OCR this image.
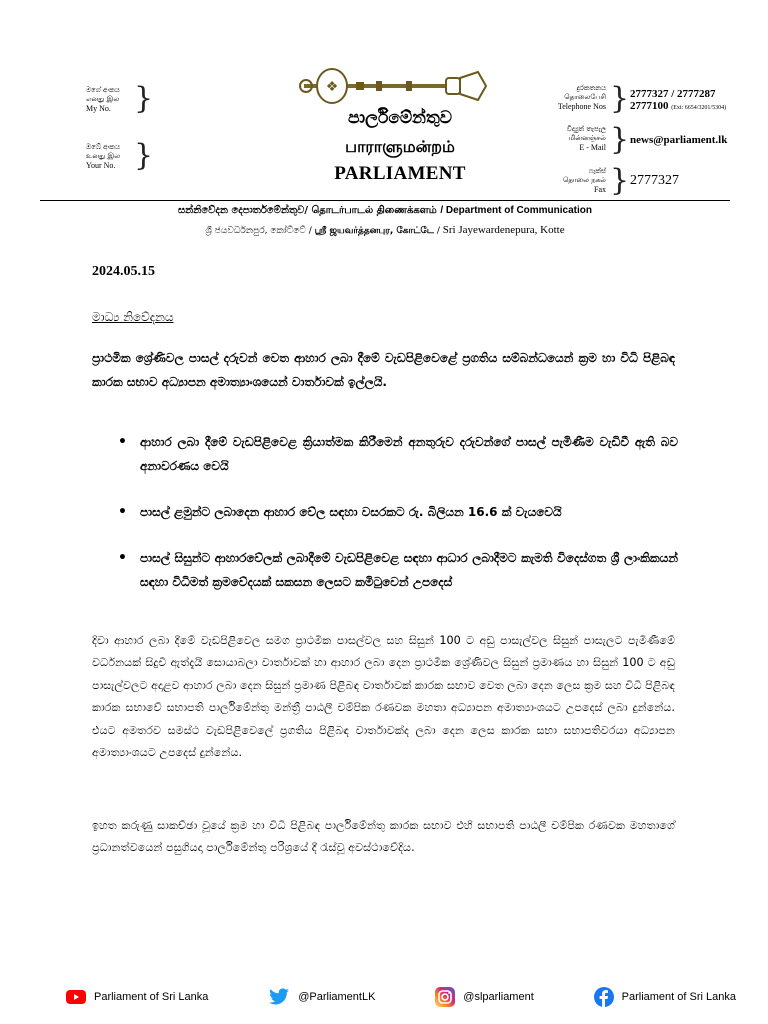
❖
පාර්ලිමේන්තුව
பாராளுமன்றம்
PARLIAMENT
මගේ අංකය
எனது இல
My No. }
ඔබේ අංකය
உனது இல
Your No. }
දුරකතනය
தொலைபேசி
Telephone Nos } 2777327 / 2777287
2777100 (Ext: 6654/3201/5304)
විද්‍යුත් තැපැල
மின்னஞ்சல்
E - Mail } news@parliament.lk
ෆැක්ස්
தொலை நகல்
Fax } 2777327
සන්නිවේදන දෙපාර්තමේන්තුව/ தொடர்பாடல் திணைக்களம் / Department of Communication
ශ්‍රී ජයවර්ධනපුර, කෝට්ටේ / ஸ்ரீ ஜயவர்த்தனபுர, கோட்டே / Sri Jayewardenepura, Kotte
2024.05.15
මාධ්‍ය නිවේදනය
ප්‍රාථමික ශ්‍රේණිවල පාසල් දරුවන් වෙත ආහාර ලබා දීමේ වැඩපිළිවෙළේ ප්‍රගතිය සම්බන්ධයෙන් ක්‍රම හා විධි පිළිබඳ කාරක සභාව අධ්‍යාපන අමාත්‍යාංශයෙන් වාර්තාවක් ඉල්ලයි.
• ආහාර ලබා දීමේ වැඩපිළිවෙළ ක්‍රියාත්මක කිරීමෙන් අනතුරුව දරුවන්ගේ පාසල් පැමිණීම වැඩිවී ඇති බව අනාවරණය වෙයි
• පාසල් ළමුන්ට ලබාදෙන ආහාර වේල සඳහා වසරකට රු. බිලියන 16.6 ක් වැයවෙයි
• පාසල් සිසුන්ට ආහාරවේලක් ලබාදීමේ වැඩපිළිවෙළ සඳහා ආධාර ලබාදීමට කැමති විදෙස්ගත ශ්‍රී ලාංකිකයන් සඳහා විධිමත් ක්‍රමවේදයක් සකසන ලෙසට කමිටුවෙන් උපදෙස්
දිවා ආහාර ලබා දීමේ වැඩපිළිවෙල සමග ප්‍රාථමික පාසල්වල සහ සිසුන් 100 ට අඩු පාසැල්වල සිසුන් පාසැලට පැමිණීමේ වර්ධනයක් සිදුවී ඇත්දැයි සොයාබලා වාර්තාවක් හා ආහාර ලබා දෙන ප්‍රාථමික ශ්‍රේණිවල සිසුන් ප්‍රමාණය හා සිසුන් 100 ට අඩු පාසැල්වලට අදාළව ආහාර ලබා දෙන සිසුන් ප්‍රමාණ පිළිබඳ වාර්තාවක් කාරක සභාව වෙත ලබා දෙන ලෙස ක්‍රම සහ විධි පිළිබඳ කාරක සභාවේ සභාපති පාර්ලිමේන්තු මන්ත්‍රී පාඨලී චම්පික රණවක මහතා අධ්‍යාපන අමාත්‍යාංශයට උපදෙස් ලබා දුන්නේය. එයට අමතරව සමස්ථ වැඩපිළිවෙලේ ප්‍රගතිය පිළිබඳ වාර්තාවක්ද ලබා දෙන ලෙස කාරක සභා සභාපතිවරයා අධ්‍යාපන අමාත්‍යාංශයට උපදෙස් දුන්නේය.
ඉහත කරුණු සාකච්ඡා වූයේ ක්‍රම හා විධි පිළිබඳ පාර්ලිමේන්තු කාරක සභාව එහි සභාපති පාඨලී චම්පික රණවක මහතාගේ ප්‍රධානත්වයෙන් පසුගියදා පාර්ලිමේන්තු පරිශ්‍රයේ දී රැස්වූ අවස්ථාවේදිය.
Parliament of Sri Lanka	@ParliamentLK	@slparliament	Parliament of Sri Lanka
